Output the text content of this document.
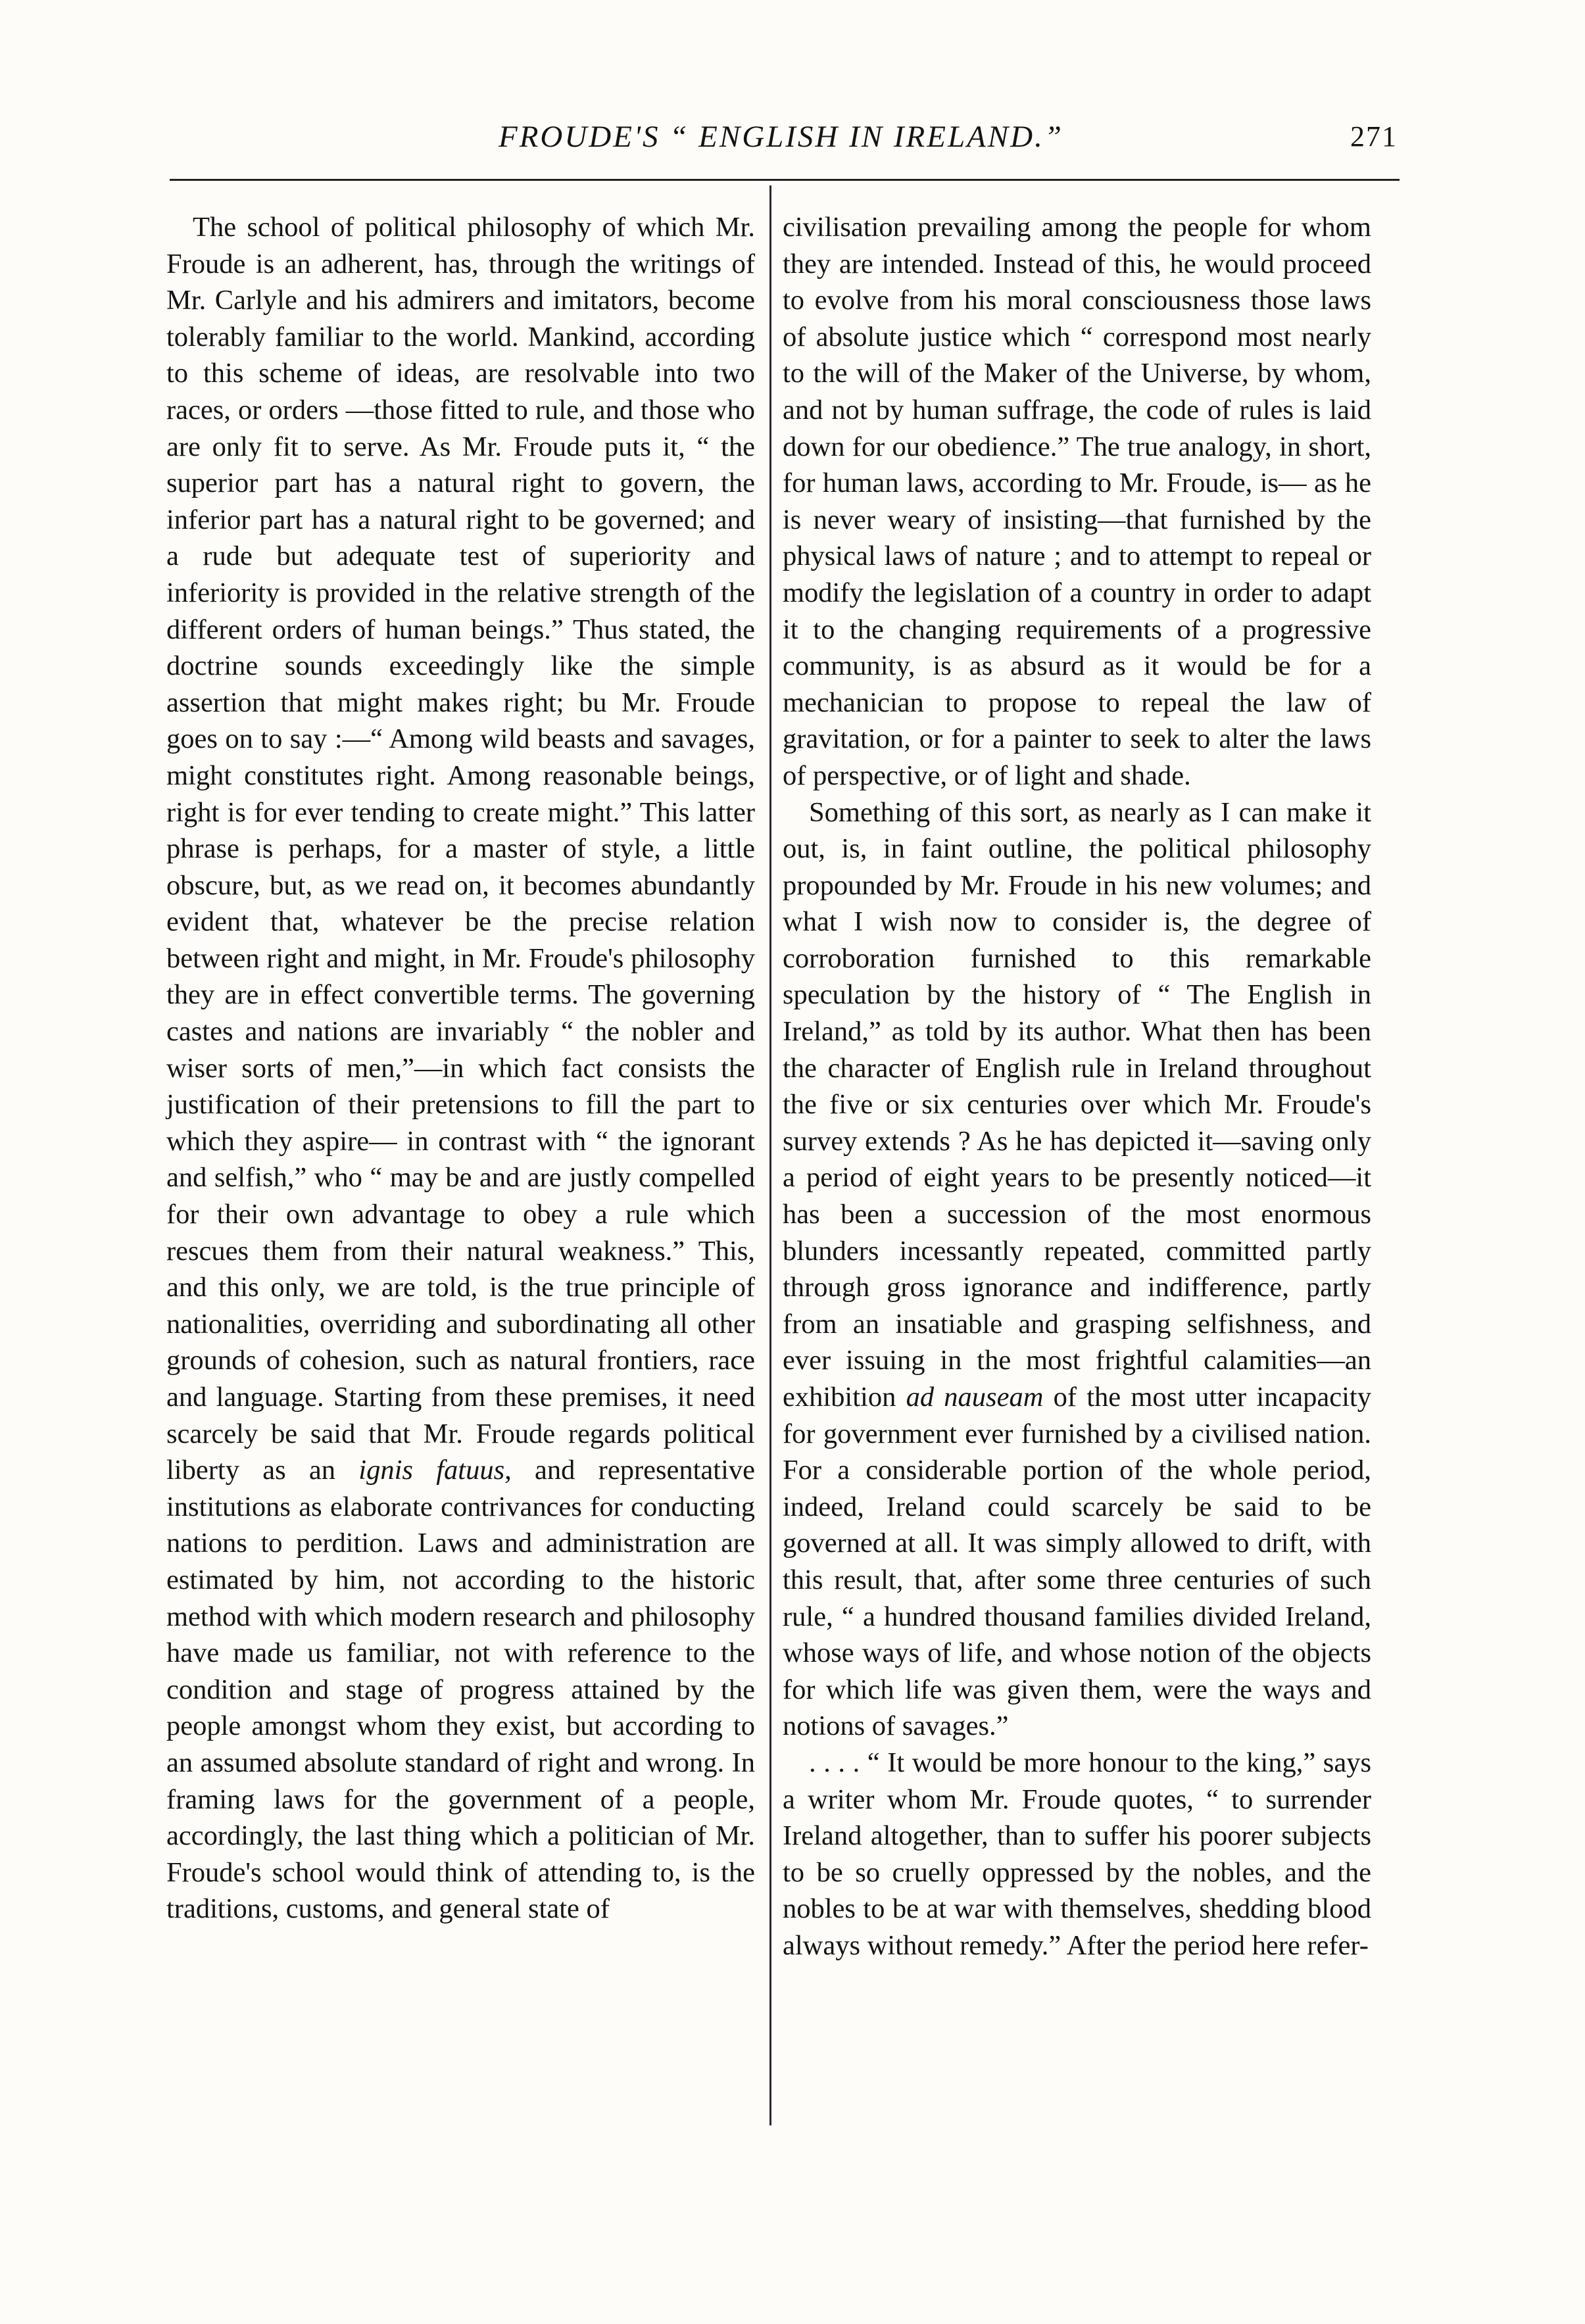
FROUDE'S “ ENGLISH IN IRELAND.”	271

The school of political philosophy of which Mr. Froude is an adherent, has, through the writings of Mr. Carlyle and his admirers and imitators, become tolerably familiar to the world. Mankind, according to this scheme of ideas, are resolvable into two races, or orders —those fitted to rule, and those who are only fit to serve. As Mr. Froude puts it, “ the superior part has a natural right to govern, the inferior part has a natural right to be governed; and a rude but adequate test of superiority and inferiority is provided in the relative strength of the different orders of human beings.” Thus stated, the doctrine sounds exceedingly like the simple assertion that might makes right; bu Mr. Froude goes on to say :—“ Among wild beasts and savages, might constitutes right. Among reasonable beings, right is for ever tending to create might.” This latter phrase is perhaps, for a master of style, a little obscure, but, as we read on, it becomes abundantly evident that, whatever be the precise relation between right and might, in Mr. Froude's philosophy they are in effect convertible terms. The governing castes and nations are invariably “ the nobler and wiser sorts of men,”—in which fact consists the justification of their pretensions to fill the part to which they aspire— in contrast with “ the ignorant and selfish,” who “ may be and are justly compelled for their own advantage to obey a rule which rescues them from their natural weakness.” This, and this only, we are told, is the true principle of nationalities, overriding and subordinating all other grounds of cohesion, such as natural frontiers, race and language. Starting from these premises, it need scarcely be said that Mr. Froude regards political liberty as an ignis fatuus, and representative institutions as elaborate contrivances for conducting nations to perdition. Laws and administration are estimated by him, not according to the historic method with which modern research and philosophy have made us familiar, not with reference to the condition and stage of progress attained by the people amongst whom they exist, but according to an assumed absolute standard of right and wrong. In framing laws for the government of a people, accordingly, the last thing which a politician of Mr. Froude's school would think of attending to, is the traditions, customs, and general state of

civilisation prevailing among the people for whom they are intended. Instead of this, he would proceed to evolve from his moral consciousness those laws of absolute justice which “ correspond most nearly to the will of the Maker of the Universe, by whom, and not by human suffrage, the code of rules is laid down for our obedience.” The true analogy, in short, for human laws, according to Mr. Froude, is— as he is never weary of insisting—that furnished by the physical laws of nature ; and to attempt to repeal or modify the legislation of a country in order to adapt it to the changing requirements of a progressive community, is as absurd as it would be for a mechanician to propose to repeal the law of gravitation, or for a painter to seek to alter the laws of perspective, or of light and shade.

Something of this sort, as nearly as I can make it out, is, in faint outline, the political philosophy propounded by Mr. Froude in his new volumes; and what I wish now to consider is, the degree of corroboration furnished to this remarkable speculation by the history of “ The English in Ireland,” as told by its author. What then has been the character of English rule in Ireland throughout the five or six centuries over which Mr. Froude's survey extends ? As he has depicted it—saving only a period of eight years to be presently noticed—it has been a succession of the most enormous blunders incessantly repeated, committed partly through gross ignorance and indifference, partly from an insatiable and grasping selfishness, and ever issuing in the most frightful calamities—an exhibition ad nauseam of the most utter incapacity for government ever furnished by a civilised nation. For a considerable portion of the whole period, indeed, Ireland could scarcely be said to be governed at all. It was simply allowed to drift, with this result, that, after some three centuries of such rule, “ a hundred thousand families divided Ireland, whose ways of life, and whose notion of the objects for which life was given them, were the ways and notions of savages.”

. . . . “ It would be more honour to the king,” says a writer whom Mr. Froude quotes, “ to surrender Ireland altogether, than to suffer his poorer subjects to be so cruelly oppressed by the nobles, and the nobles to be at war with themselves, shedding blood always without remedy.” After the period here refer-
